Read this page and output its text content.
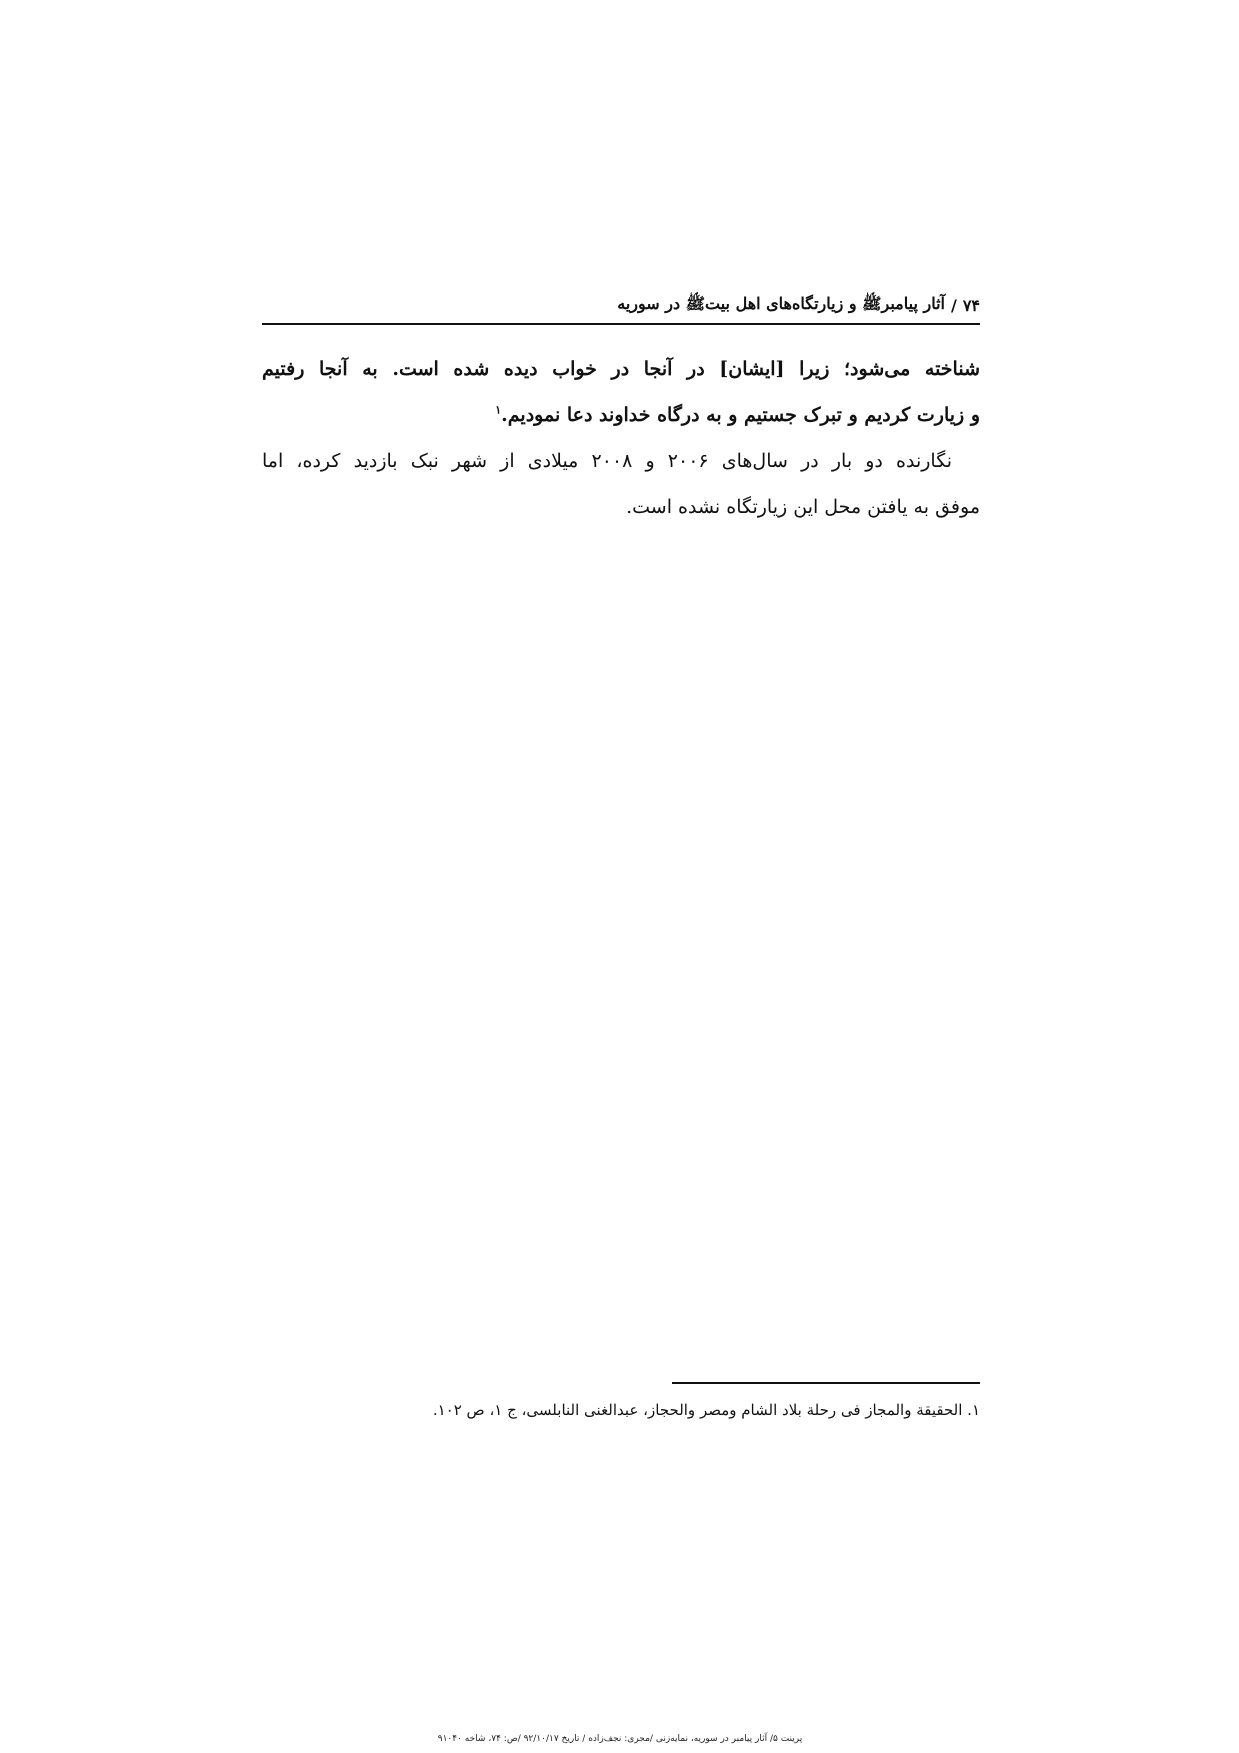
۷۴
/
آثار پیامبرﷺ و زیارتگاه‌های اهل بیتﷺ در سوریه
شناخته می‌شود؛ زیرا [ایشان] در آنجا در خواب دیده شده است. به آنجا رفتیم
و زیارت کردیم و تبرک جستیم و به درگاه خداوند دعا نمودیم.$^۱$
نگارنده دو بار در سال‌های ۲۰۰۶ و ۲۰۰۸ میلادی از شهر نبک بازدید کرده، اما
موفق به یافتن محل این زیارتگاه نشده است.
۱. الحقيقة والمجاز فی رحلة بلاد الشام ومصر والحجاز، عبدالغنی النابلسی، ج ۱، ص ۱۰۲.
پرینت ۵/ آثار پیامبر در سوریه، نمایه‌زنی /مجری: نجف‌زاده / تاریخ ۹۲/۱۰/۱۷ /ص: ۷۴، شاخه ۹۱۰۴۰
